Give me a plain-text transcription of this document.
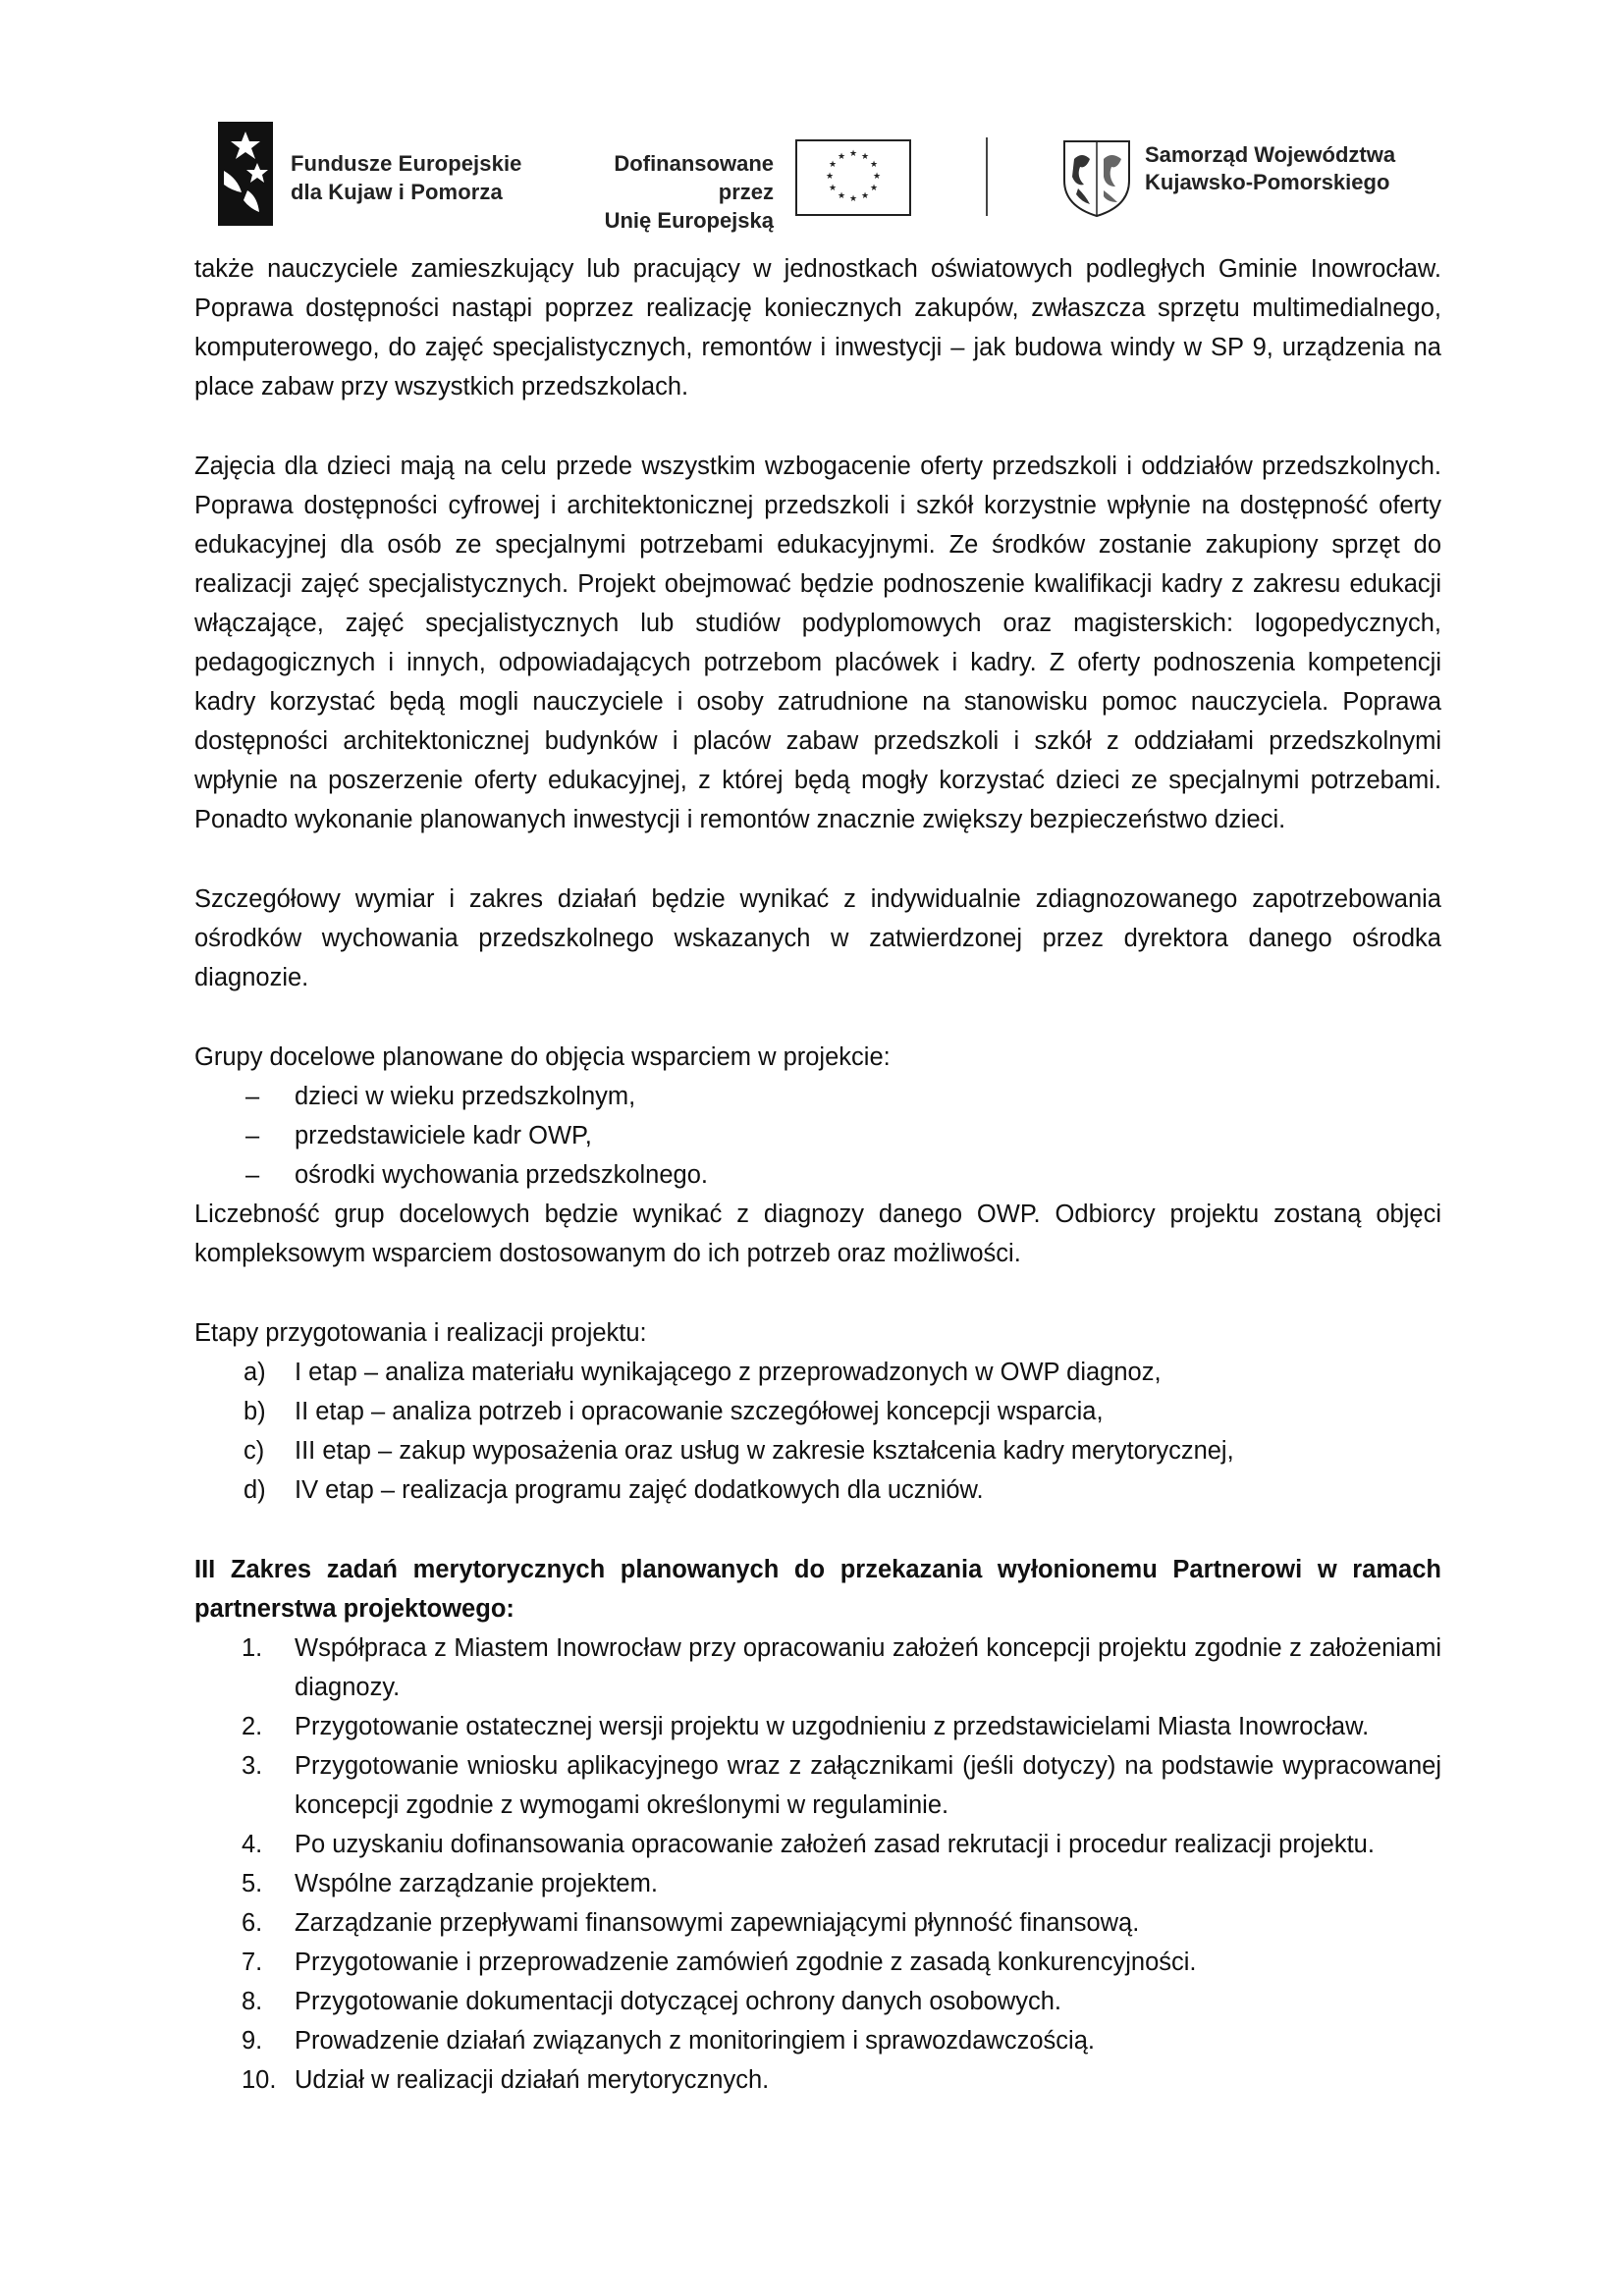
Fundusze Europejskie
dla Kujaw i Pomorza
Dofinansowane przez
Unię Europejską
★ ★
★
★
★
★
★
★
★
★
★
★	Samorząd Województwa
Kujawsko-Pomorskiego

także nauczyciele zamieszkujący lub pracujący w jednostkach oświatowych podległych Gminie Inowrocław. Poprawa dostępności nastąpi poprzez realizację koniecznych zakupów, zwłaszcza sprzętu multimedialnego, komputerowego, do zajęć specjalistycznych, remontów i inwestycji – jak budowa windy w SP 9, urządzenia na place zabaw przy wszystkich przedszkolach.

Zajęcia dla dzieci mają na celu przede wszystkim wzbogacenie oferty przedszkoli i oddziałów przedszkolnych. Poprawa dostępności cyfrowej i architektonicznej przedszkoli i szkół korzystnie wpłynie na dostępność oferty edukacyjnej dla osób ze specjalnymi potrzebami edukacyjnymi. Ze środków zostanie zakupiony sprzęt do realizacji zajęć specjalistycznych. Projekt obejmować będzie podnoszenie kwalifikacji kadry z zakresu edukacji włączające, zajęć specjalistycznych lub studiów podyplomowych oraz magisterskich: logopedycznych, pedagogicznych i innych, odpowiadających potrzebom placówek i kadry. Z oferty podnoszenia kompetencji kadry korzystać będą mogli nauczyciele i osoby zatrudnione na stanowisku pomoc nauczyciela. Poprawa dostępności architektonicznej budynków i placów zabaw przedszkoli i szkół z oddziałami przedszkolnymi wpłynie na poszerzenie oferty edukacyjnej, z której będą mogły korzystać dzieci ze specjalnymi potrzebami. Ponadto wykonanie planowanych inwestycji i remontów znacznie zwiększy bezpieczeństwo dzieci.

Szczegółowy wymiar i zakres działań będzie wynikać z indywidualnie zdiagnozowanego zapotrzebowania ośrodków wychowania przedszkolnego wskazanych w zatwierdzonej przez dyrektora danego ośrodka diagnozie.

Grupy docelowe planowane do objęcia wsparciem w projekcie:

– dzieci w wieku przedszkolnym,
– przedstawiciele kadr OWP,
– ośrodki wychowania przedszkolnego.

Liczebność grup docelowych będzie wynikać z diagnozy danego OWP. Odbiorcy projektu zostaną objęci kompleksowym wsparciem dostosowanym do ich potrzeb oraz możliwości.

Etapy przygotowania i realizacji projektu:

a) I etap – analiza materiału wynikającego z przeprowadzonych w OWP diagnoz,
b) II etap – analiza potrzeb i opracowanie szczegółowej koncepcji wsparcia,
c) III etap – zakup wyposażenia oraz usług w zakresie kształcenia kadry merytorycznej,
d) IV etap – realizacja programu zajęć dodatkowych dla uczniów.

III Zakres zadań merytorycznych planowanych do przekazania wyłonionemu Partnerowi w ramach partnerstwa projektowego:

1.	Współpraca z Miastem Inowrocław przy opracowaniu założeń koncepcji projektu zgodnie z założeniami diagnozy.
2.	Przygotowanie ostatecznej wersji projektu w uzgodnieniu z przedstawicielami Miasta Inowrocław.
3.	Przygotowanie wniosku aplikacyjnego wraz z załącznikami (jeśli dotyczy) na podstawie wypracowanej koncepcji zgodnie z wymogami określonymi w regulaminie.
4.	Po uzyskaniu dofinansowania opracowanie założeń zasad rekrutacji i procedur realizacji projektu.
5.	Wspólne zarządzanie projektem.
6.	Zarządzanie przepływami finansowymi zapewniającymi płynność finansową.
7.	Przygotowanie i przeprowadzenie zamówień zgodnie z zasadą konkurencyjności.
8.	Przygotowanie dokumentacji dotyczącej ochrony danych osobowych.
9.	Prowadzenie działań związanych z monitoringiem i sprawozdawczością.
10. Udział w realizacji działań merytorycznych.
